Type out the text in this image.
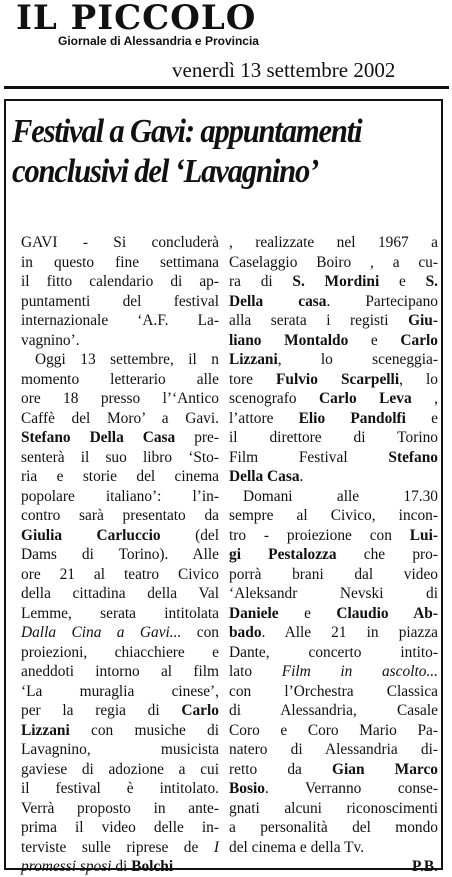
IL PICCOLO
Giornale di Alessandria e Provincia
venerdì 13 settembre 2002
Festival a Gavi: appuntamenti
conclusivi del ‘Lavagnino’
GAVI - Si concluderà
in questo fine settimana
il fitto calendario di ap-
puntamenti del festival
internazionale ‘A.F. La-
vagnino’.
Oggi 13 settembre, il n
momento letterario alle
ore 18 presso l’‘Antico
Caffè del Moro’ a Gavi.
Stefano Della Casa pre-
senterà il suo libro ‘Sto-
ria e storie del cinema
popolare italiano’: l’in-
contro sarà presentato da
Giulia Carluccio (del
Dams di Torino). Alle
ore 21 al teatro Civico
della cittadina della Val
Lemme, serata intitolata
Dalla Cina a Gavi... con
proiezioni, chiacchiere e
aneddoti intorno al film
‘La muraglia cinese’,
per la regia di Carlo
Lizzani con musiche di
Lavagnino, musicista
gaviese di adozione a cui
il festival è intitolato.
Verrà proposto in ante-
prima il video delle in-
terviste sulle riprese de I
promessi sposi di Bolchi
, realizzate nel 1967 a
Caselaggio Boiro , a cu-
ra di S. Mordini e S.
Della casa. Partecipano
alla serata i registi Giu-
liano Montaldo e Carlo
Lizzani, lo sceneggia-
tore Fulvio Scarpelli, lo
scenografo Carlo Leva ,
l’attore Elio Pandolfi e
il direttore di Torino
Film Festival Stefano
Della Casa.
Domani alle 17.30
sempre al Civico, incon-
tro - proiezione con Lui-
gi Pestalozza che pro-
porrà brani dal video
‘Aleksandr Nevski di
Daniele e Claudio Ab-
bado. Alle 21 in piazza
Dante, concerto intito-
lato Film in ascolto...
con l’Orchestra Classica
di Alessandria, Casale
Coro e Coro Mario Pa-
natero di Alessandria di-
retto da Gian Marco
Bosio. Verranno conse-
gnati alcuni riconoscimenti
a personalità del mondo
del cinema e della Tv.
P.B.
